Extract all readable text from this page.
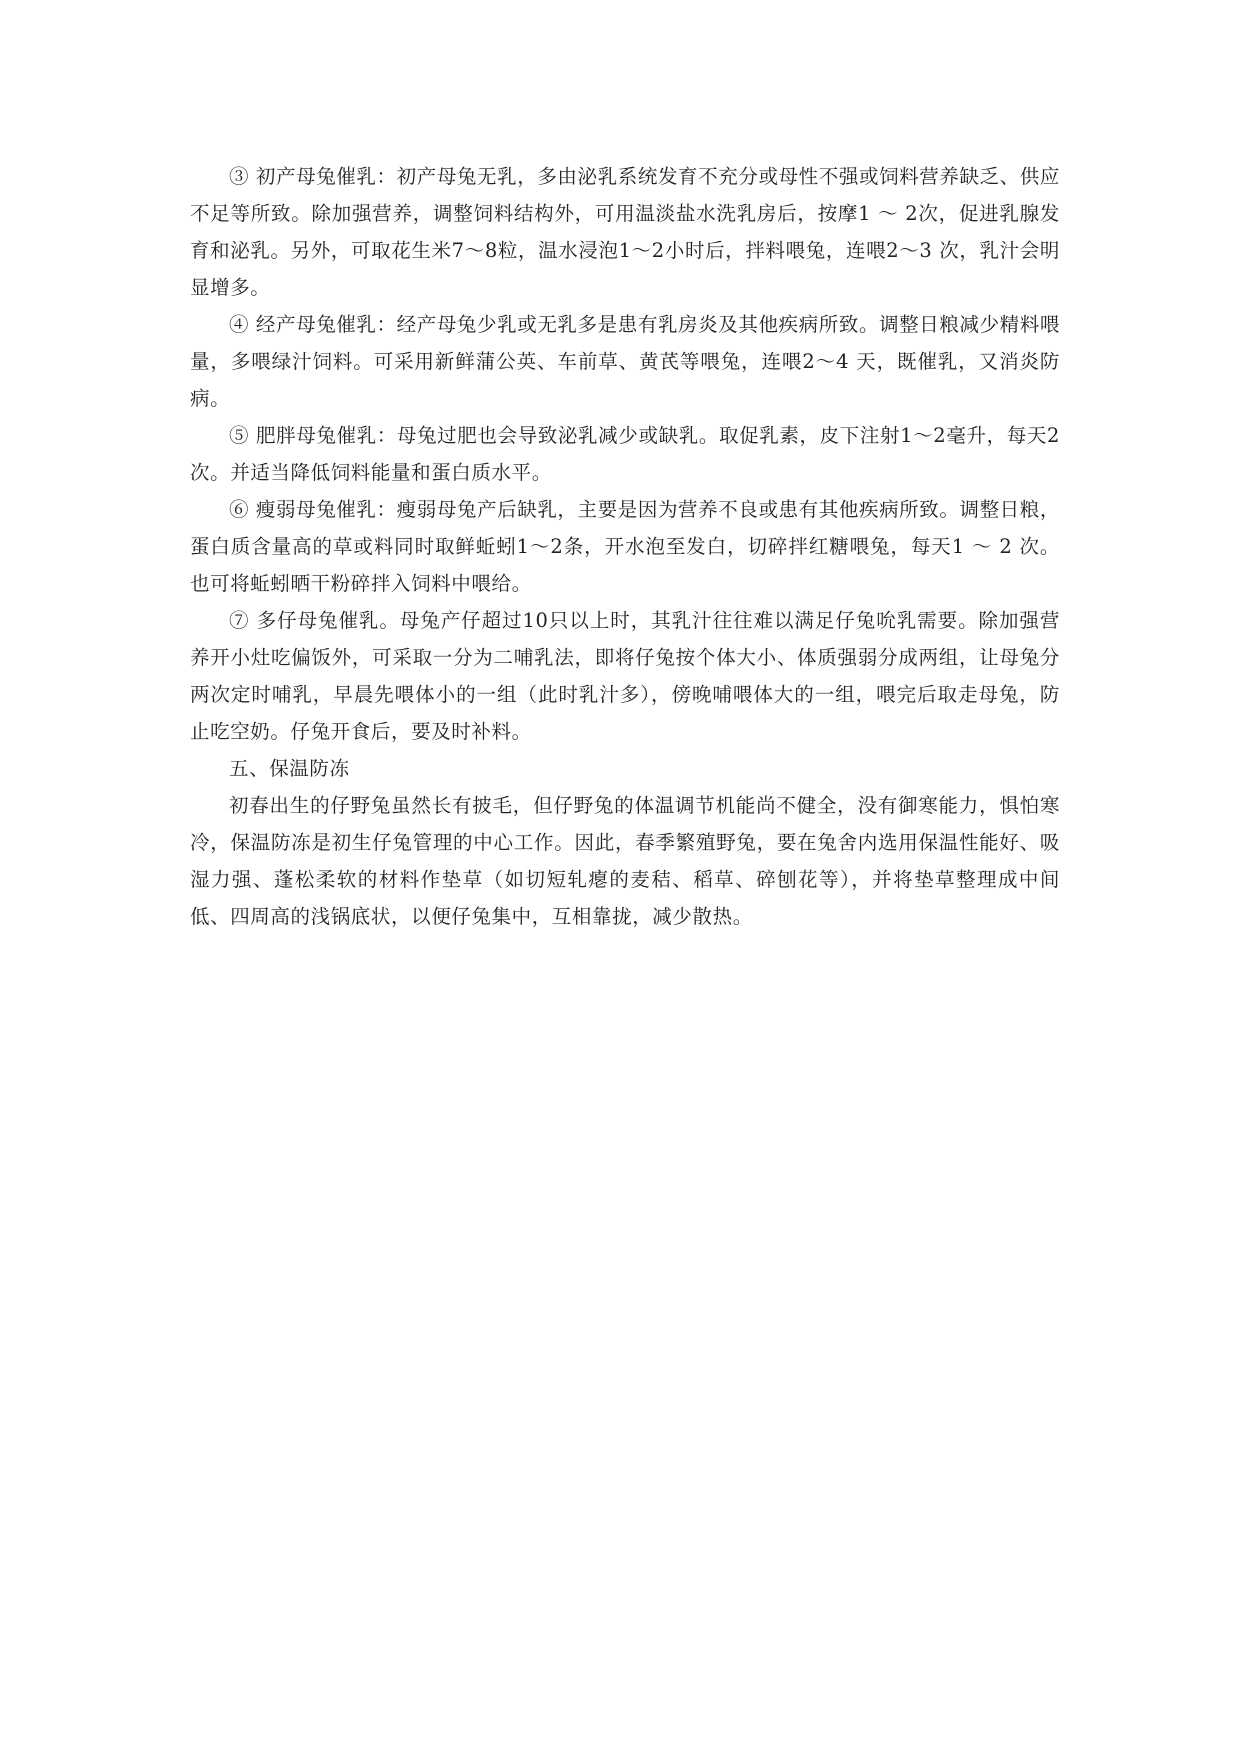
③ 初产母兔催乳：初产母兔无乳，多由泌乳系统发育不充分或母性不强或饲料营养缺乏、供应不足等所致。除加强营养，调整饲料结构外，可用温淡盐水洗乳房后，按摩1 ～ 2次，促进乳腺发育和泌乳。另外，可取花生米7～8粒，温水浸泡1～2小时后，拌料喂兔，连喂2～3 次，乳汁会明显增多。

④ 经产母兔催乳：经产母兔少乳或无乳多是患有乳房炎及其他疾病所致。调整日粮减少精料喂量，多喂绿汁饲料。可采用新鲜蒲公英、车前草、黄芪等喂兔，连喂2～4 天，既催乳，又消炎防病。

⑤ 肥胖母兔催乳：母兔过肥也会导致泌乳减少或缺乳。取促乳素，皮下注射1～2毫升，每天2 次。并适当降低饲料能量和蛋白质水平。

⑥ 瘦弱母兔催乳：瘦弱母兔产后缺乳，主要是因为营养不良或患有其他疾病所致。调整日粮，蛋白质含量高的草或料同时取鲜蚯蚓1～2条，开水泡至发白，切碎拌红糖喂兔，每天1 ～ 2 次。也可将蚯蚓晒干粉碎拌入饲料中喂给。

⑦ 多仔母兔催乳。母兔产仔超过10只以上时，其乳汁往往难以满足仔兔吮乳需要。除加强营养开小灶吃偏饭外，可采取一分为二哺乳法，即将仔兔按个体大小、体质强弱分成两组，让母兔分两次定时哺乳，早晨先喂体小的一组（此时乳汁多），傍晚哺喂体大的一组，喂完后取走母兔，防止吃空奶。仔兔开食后，要及时补料。

五、保温防冻

初春出生的仔野兔虽然长有披毛，但仔野兔的体温调节机能尚不健全，没有御寒能力，惧怕寒冷，保温防冻是初生仔兔管理的中心工作。因此，春季繁殖野兔，要在兔舍内选用保温性能好、吸湿力强、蓬松柔软的材料作垫草（如切短轧瘪的麦秸、稻草、碎刨花等），并将垫草整理成中间低、四周高的浅锅底状，以便仔兔集中，互相靠拢，减少散热。
